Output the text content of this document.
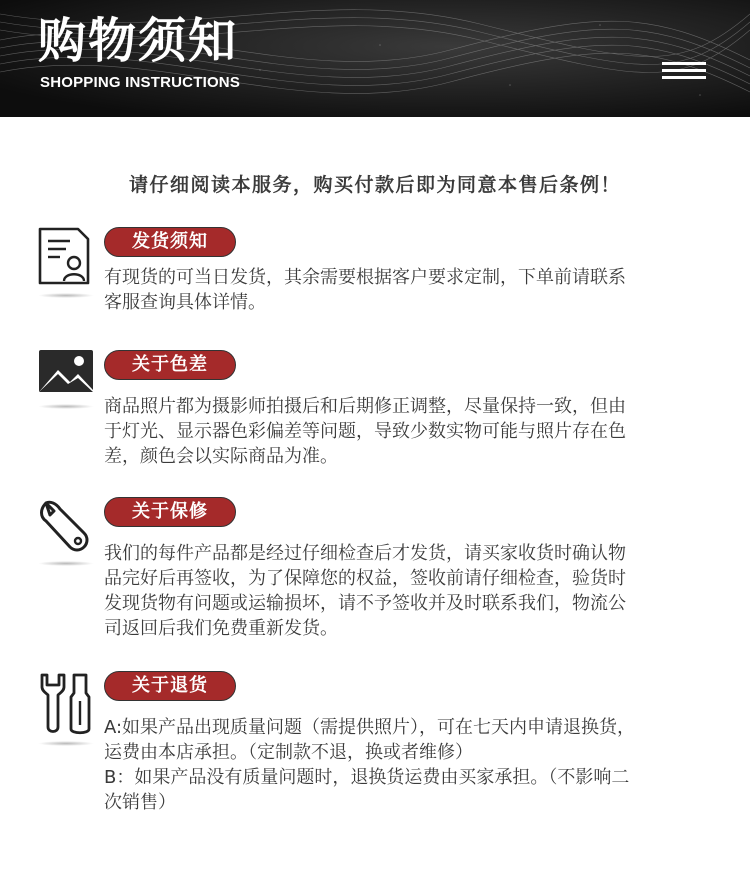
购物须知
SHOPPING INSTRUCTIONS
请仔细阅读本服务，购买付款后即为同意本售后条例！
发货须知

有现货的可当日发货，其余需要根据客户要求定制，下单前请联系

客服查询具体详情。

关于色差

商品照片都为摄影师拍摄后和后期修正调整，尽量保持一致，但由

于灯光、显示器色彩偏差等问题，导致少数实物可能与照片存在色

差，颜色会以实际商品为准。

关于保修

我们的每件产品都是经过仔细检查后才发货，请买家收货时确认物

品完好后再签收，为了保障您的权益，签收前请仔细检查，验货时

发现货物有问题或运输损坏，请不予签收并及时联系我们，物流公

司返回后我们免费重新发货。

关于退货

A:如果产品出现质量问题（需提供照片），可在七天内申请退换货，

运费由本店承担。（定制款不退，换或者维修）

B：如果产品没有质量问题时，退换货运费由买家承担。（不影响二

次销售）
